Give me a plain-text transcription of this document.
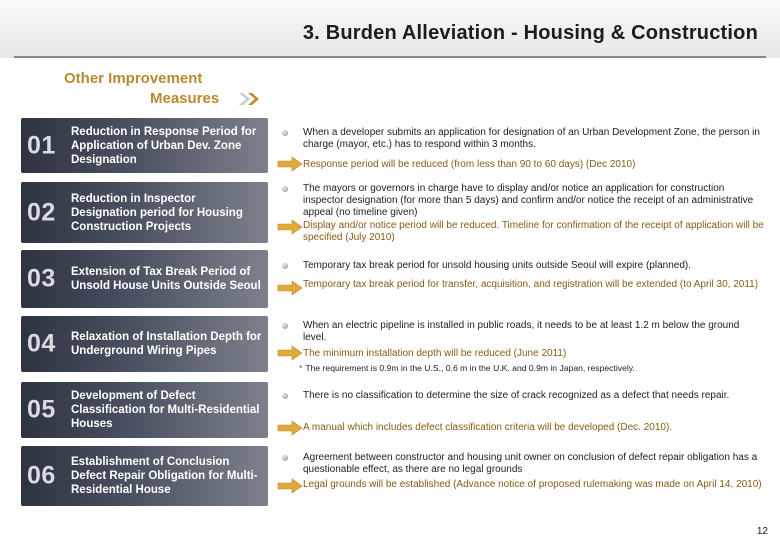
3. Burden Alleviation - Housing & Construction
Other Improvement
Measures
01 Reduction in Response Period for Application of Urban Dev. Zone Designation
When a developer submits an application for designation of an Urban Development Zone, the person in charge (mayor, etc.) has to respond within 3 months.
Response period will be reduced (from less than 90 to 60 days) (Dec 2010)
02 Reduction in Inspector Designation period for Housing Construction Projects
The mayors or governors in charge have to display and/or notice an application for construction inspector designation (for more than 5 days) and confirm and/or notice the receipt of an administrative appeal (no timeline given)
Display and/or notice period will be reduced. Timeline for confirmation of the receipt of application will be specified (July 2010)
03 Extension of Tax Break Period of Unsold House Units Outside Seoul
Temporary tax break period for unsold housing units outside Seoul will expire (planned).
Temporary tax break period for transfer, acquisition, and registration will be extended (to April 30, 2011)
04 Relaxation of Installation Depth for Underground Wiring Pipes
When an electric pipeline is installed in public roads, it needs to be at least 1.2 m below the ground level.
The minimum installation depth will be reduced (June 2011)
* The requirement is 0.9m in the U.S., 0.6 m in the U.K. and 0.9m in Japan, respectively.
05 Development of Defect Classification for Multi-Residential Houses
There is no classification to determine the size of crack recognized as a defect that needs repair.
A manual which includes defect classification criteria will be developed (Dec. 2010).
06 Establishment of Conclusion Defect Repair Obligation for Multi-Residential House
Agreement between constructor and housing unit owner on conclusion of defect repair obligation has a questionable effect, as there are no legal grounds
Legal grounds will be established (Advance notice of proposed rulemaking was made on April 14, 2010)
12
